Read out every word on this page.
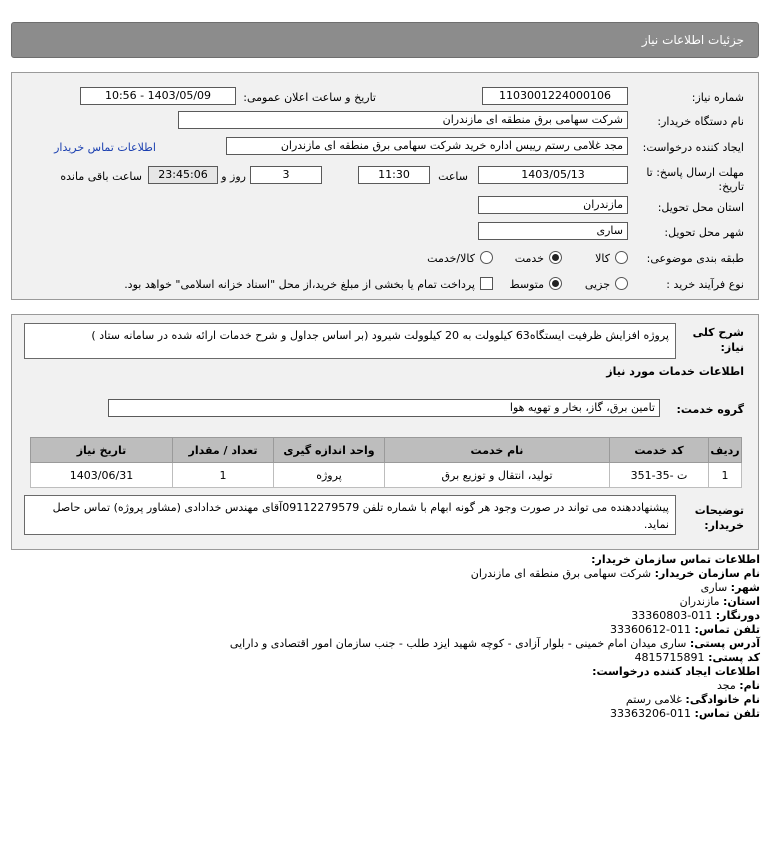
جزئیات اطلاعات نیاز
شماره نیاز:
1103001224000106
تاریخ و ساعت اعلان عمومی:
1403/05/09 - 10:56
نام دستگاه خریدار:
شرکت سهامی برق منطقه ای مازندران
ایجاد کننده درخواست:
مجد غلامی رستم رییس اداره خرید شرکت سهامی برق منطقه ای مازندران
اطلاعات تماس خریدار
مهلت ارسال پاسخ: تا تاریخ:
1403/05/13
ساعت
11:30
3
روز و
23:45:06
ساعت باقی مانده
استان محل تحویل:
مازندران
شهر محل تحویل:
ساری
طبقه بندی موضوعی:
کالا
خدمت
کالا/خدمت
نوع فرآیند خرید :
جزیی
متوسط
پرداخت تمام یا بخشی از مبلغ خرید،از محل "اسناد خزانه اسلامی" خواهد بود.
شرح کلی نیاز:
پروژه افزایش ظرفیت ایستگاه63 کیلوولت به 20 کیلوولت شیرود (بر اساس جداول و شرح خدمات ارائه شده در سامانه ستاد )
اطلاعات خدمات مورد نیاز
گروه خدمت:
تامین برق، گاز، بخار و تهویه هوا
ردیف	کد خدمت	نام خدمت	واحد اندازه گیری	تعداد / مقدار	تاریخ نیاز
1	ت -35-351	تولید، انتقال و توزیع برق	پروژه	1	1403/06/31
توضیحات خریدار:
پیشنهاددهنده می تواند در صورت وجود هر گونه ابهام با شماره تلفن 09112279579آقای مهندس خدادادی (مشاور پروژه) تماس حاصل نماید.
اطلاعات تماس سازمان خریدار:
نام سازمان خریدار: شرکت سهامی برق منطقه ای مازندران
شهر: ساری
استان: مازندران
دورنگار: 011-33360803
تلفن تماس: 011-33360612
آدرس پستی: ساری میدان امام خمینی - بلوار آزادی - کوچه شهید ایزد طلب - جنب سازمان امور اقتصادی و دارایی
کد پستی: 4815715891
اطلاعات ایجاد کننده درخواست:
نام: مجد
نام خانوادگی: غلامی رستم
تلفن تماس: 011-33363206
